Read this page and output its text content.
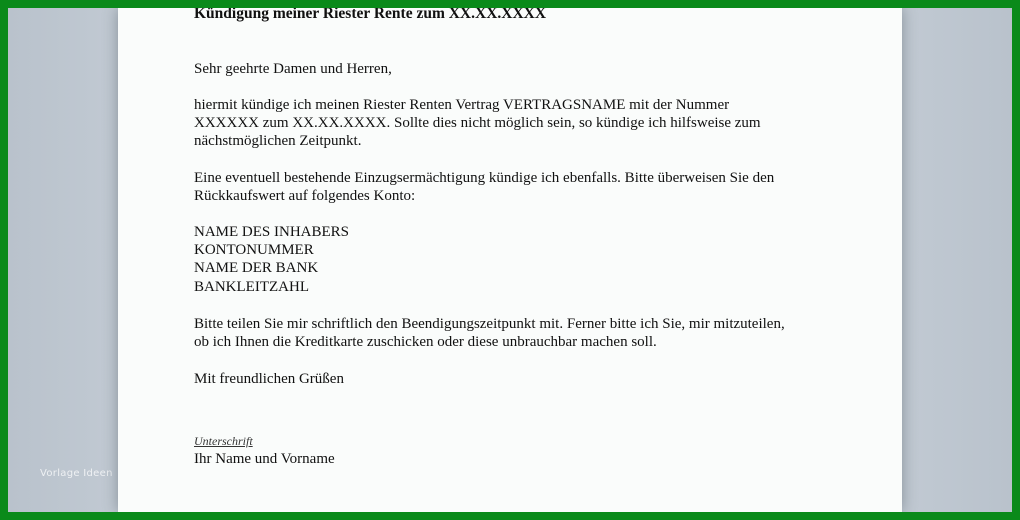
Vorlage Ideen

Kündigung meiner Riester Rente zum XX.XX.XXXX

Sehr geehrte Damen und Herren,

hiermit kündige ich meinen Riester Renten Vertrag VERTRAGSNAME mit der Nummer
XXXXXX zum XX.XX.XXXX. Sollte dies nicht möglich sein, so kündige ich hilfsweise zum
nächstmöglichen Zeitpunkt.

Eine eventuell bestehende Einzugsermächtigung kündige ich ebenfalls. Bitte überweisen Sie den
Rückkaufswert auf folgendes Konto:

NAME DES INHABERS

KONTONUMMER

NAME DER BANK

BANKLEITZAHL

Bitte teilen Sie mir schriftlich den Beendigungszeitpunkt mit. Ferner bitte ich Sie, mir mitzuteilen,
ob ich Ihnen die Kreditkarte zuschicken oder diese unbrauchbar machen soll.

Mit freundlichen Grüßen

Unterschrift

Ihr Name und Vorname
